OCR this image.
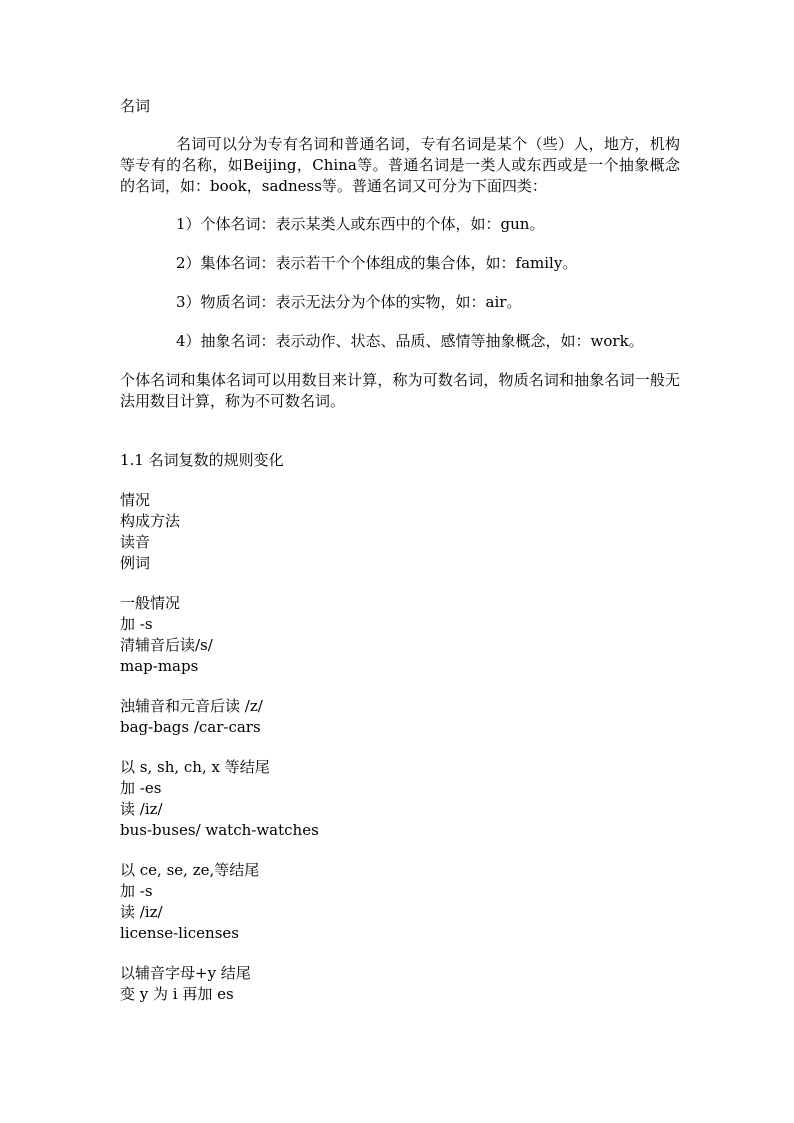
名词

名词可以分为专有名词和普通名词，专有名词是某个（些）人，地方，机构等专有的名称，如Beijing，China等。普通名词是一类人或东西或是一个抽象概念的名词，如：book，sadness等。普通名词又可分为下面四类：

1）个体名词：表示某类人或东西中的个体，如：gun。
2）集体名词：表示若干个个体组成的集合体，如：family。
3）物质名词：表示无法分为个体的实物，如：air。
4）抽象名词：表示动作、状态、品质、感情等抽象概念，如：work。

个体名词和集体名词可以用数目来计算，称为可数名词，物质名词和抽象名词一般无法用数目计算，称为不可数名词。

1.1 名词复数的规则变化
情况
构成方法
读音
例词
一般情况
加 -s
清辅音后读/s/
map-maps
浊辅音和元音后读 /z/
bag-bags /car-cars
以 s, sh, ch, x 等结尾
加 -es
读 /iz/
bus-buses/ watch-watches
以 ce, se, ze,等结尾
加 -s
读 /iz/
license-licenses
以辅音字母+y 结尾
变 y 为 i 再加 es
